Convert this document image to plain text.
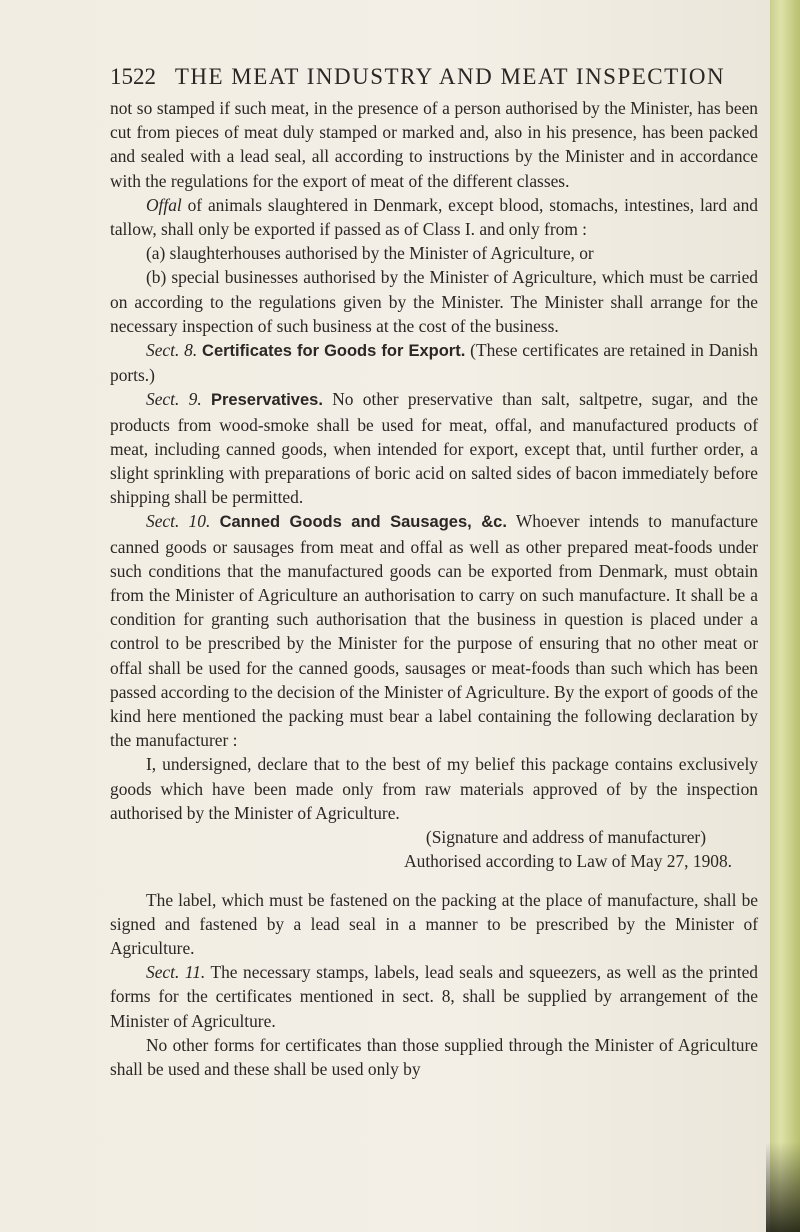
1522 THE MEAT INDUSTRY AND MEAT INSPECTION

not so stamped if such meat, in the presence of a person authorised by the Minister, has been cut from pieces of meat duly stamped or marked and, also in his presence, has been packed and sealed with a lead seal, all according to instructions by the Minister and in accordance with the regulations for the export of meat of the different classes.

Offal of animals slaughtered in Denmark, except blood, stomachs, intestines, lard and tallow, shall only be exported if passed as of Class I. and only from :

(a) slaughterhouses authorised by the Minister of Agriculture, or

(b) special businesses authorised by the Minister of Agriculture, which must be carried on according to the regulations given by the Minister. The Minister shall arrange for the necessary inspection of such business at the cost of the business.

Sect. 8. Certificates for Goods for Export. (These certificates are retained in Danish ports.)

Sect. 9. Preservatives. No other preservative than salt, saltpetre, sugar, and the products from wood-smoke shall be used for meat, offal, and manufactured products of meat, including canned goods, when intended for export, except that, until further order, a slight sprinkling with preparations of boric acid on salted sides of bacon immediately before shipping shall be permitted.

Sect. 10. Canned Goods and Sausages, &c. Whoever intends to manufacture canned goods or sausages from meat and offal as well as other prepared meat-foods under such conditions that the manufactured goods can be exported from Denmark, must obtain from the Minister of Agriculture an authorisation to carry on such manufacture. It shall be a condition for granting such authorisation that the business in question is placed under a control to be prescribed by the Minister for the purpose of ensuring that no other meat or offal shall be used for the canned goods, sausages or meat-foods than such which has been passed according to the decision of the Minister of Agriculture. By the export of goods of the kind here mentioned the packing must bear a label containing the following declaration by the manufacturer :

I, undersigned, declare that to the best of my belief this package contains exclusively goods which have been made only from raw materials approved of by the inspection authorised by the Minister of Agriculture.

(Signature and address of manufacturer)

Authorised according to Law of May 27, 1908.

The label, which must be fastened on the packing at the place of manufacture, shall be signed and fastened by a lead seal in a manner to be prescribed by the Minister of Agriculture.

Sect. 11. The necessary stamps, labels, lead seals and squeezers, as well as the printed forms for the certificates mentioned in sect. 8, shall be supplied by arrangement of the Minister of Agriculture.

No other forms for certificates than those supplied through the Minister of Agriculture shall be used and these shall be used only by
